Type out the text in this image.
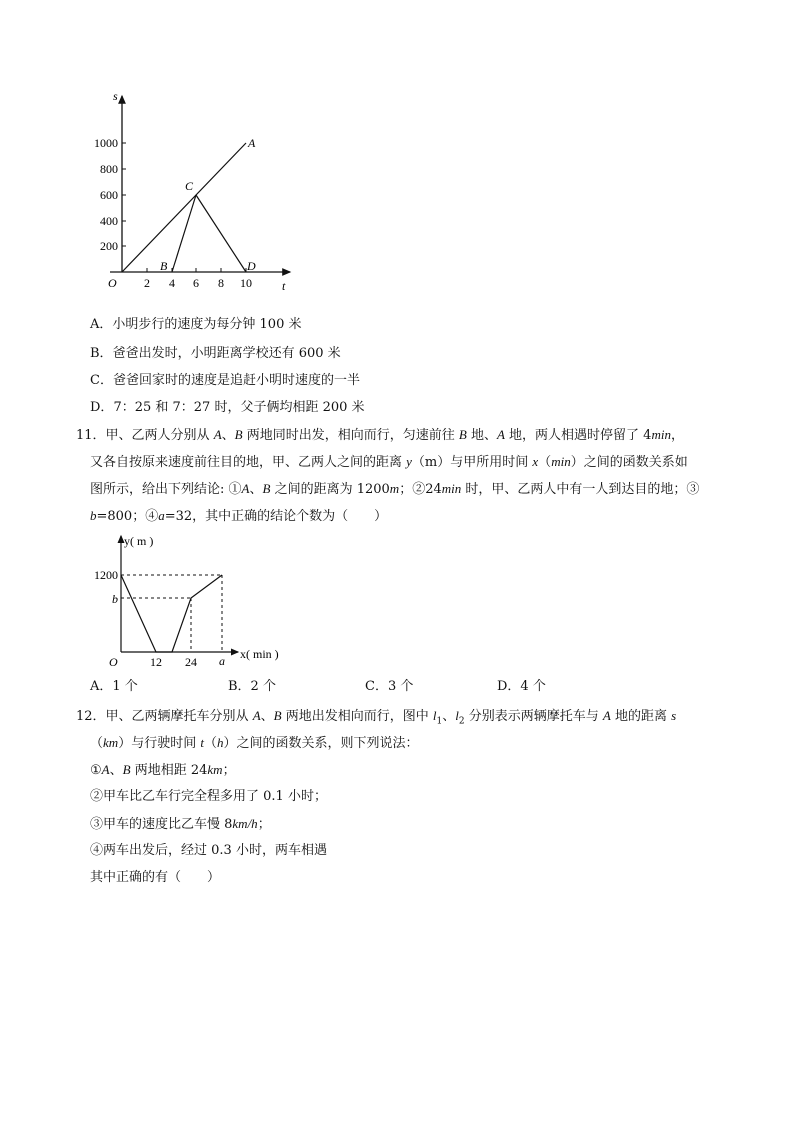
s
t
O
200
400
600
800
1000
2 4 6 8 10
A
B
C
D
A．小明步行的速度为每分钟 100 米
B．爸爸出发时，小明距离学校还有 600 米
C．爸爸回家时的速度是追赶小明时速度的一半
D．7：25 和 7：27 时，父子俩均相距 200 米
11．甲、乙两人分别从 A、B 两地同时出发，相向而行，匀速前往 B 地、A 地，两人相遇时停留了 4min，
又各自按原来速度前往目的地，甲、乙两人之间的距离 y（m）与甲所用时间 x（min）之间的函数关系如
图所示，给出下列结论: ①A、B 之间的距离为 1200m；②24min 时，甲、乙两人中有一人到达目的地；③
b=800；④a=32，其中正确的结论个数为（　　）
y( m )
x( min )
O
1200
b
12 24 a
A．1 个	B．2 个	C．3 个	D．4 个
12．甲、乙两辆摩托车分别从 A、B 两地出发相向而行，图中 $l_1$、$l_2$ 分别表示两辆摩托车与 A 地的距离 s
（km）与行驶时间 t（h）之间的函数关系，则下列说法：
①A、B 两地相距 24km；
②甲车比乙车行完全程多用了 0.1 小时；
③甲车的速度比乙车慢 8km/h；
④两车出发后，经过 0.3 小时，两车相遇
其中正确的有（　　）
